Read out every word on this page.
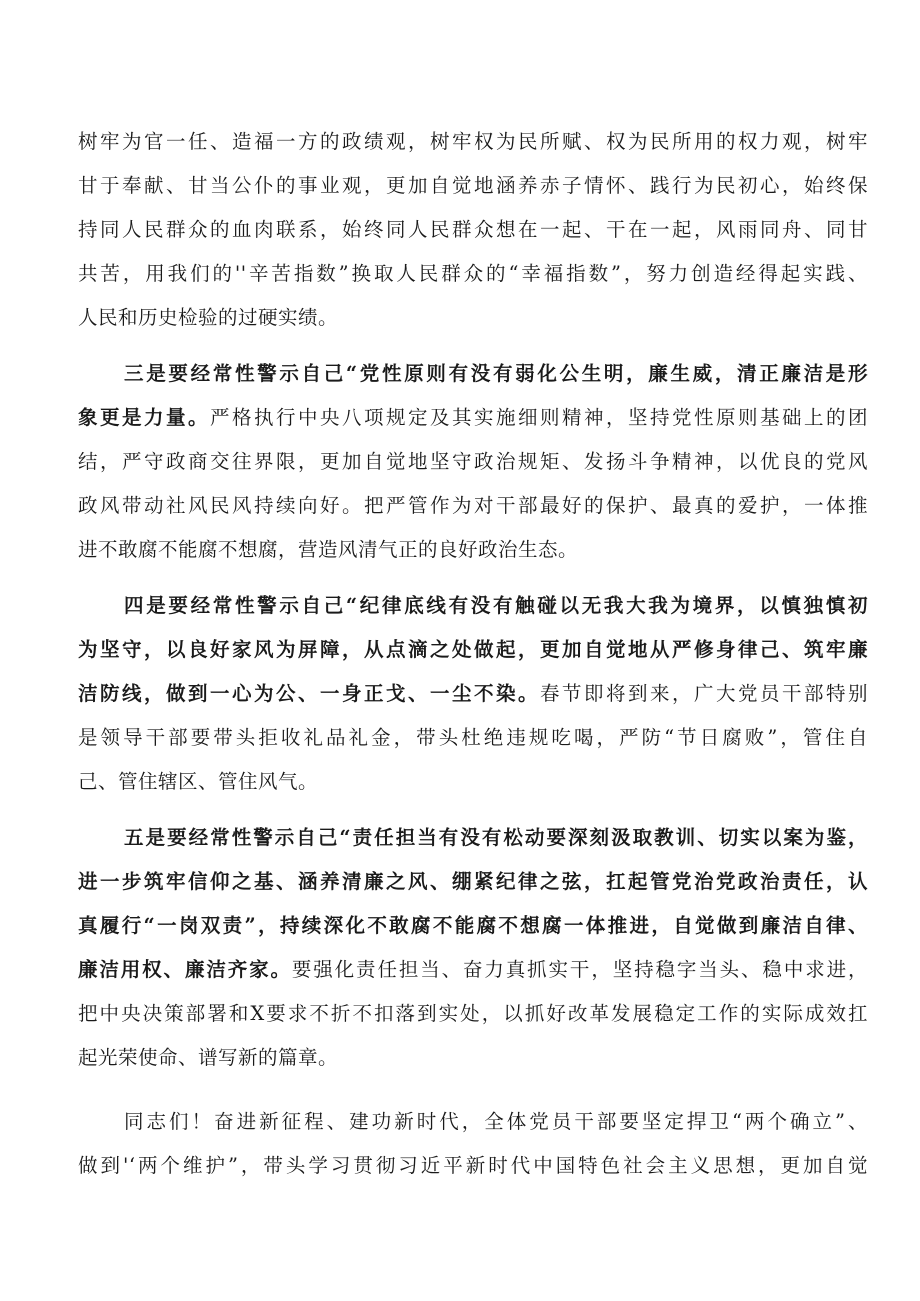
树牢为官一任、造福一方的政绩观，树牢权为民所赋、权为民所用的权力观，树牢
甘于奉献、甘当公仆的事业观，更加自觉地涵养赤子情怀、践行为民初心，始终保
持同人民群众的血肉联系，始终同人民群众想在一起、干在一起，风雨同舟、同甘
共苦，用我们的''辛苦指数”换取人民群众的“幸福指数”，努力创造经得起实践、
人民和历史检验的过硬实绩。
三是要经常性警示自己“党性原则有没有弱化公生明，廉生威，清正廉洁是形
象更是力量。严格执行中央八项规定及其实施细则精神，坚持党性原则基础上的团
结，严守政商交往界限，更加自觉地坚守政治规矩、发扬斗争精神，以优良的党风
政风带动社风民风持续向好。把严管作为对干部最好的保护、最真的爱护，一体推
进不敢腐不能腐不想腐，营造风清气正的良好政治生态。
四是要经常性警示自己“纪律底线有没有触碰以无我大我为境界，以慎独慎初
为坚守，以良好家风为屏障，从点滴之处做起，更加自觉地从严修身律己、筑牢廉
洁防线，做到一心为公、一身正戈、一尘不染。春节即将到来，广大党员干部特别
是领导干部要带头拒收礼品礼金，带头杜绝违规吃喝，严防“节日腐败”，管住自
己、管住辖区、管住风气。
五是要经常性警示自己“责任担当有没有松动要深刻汲取教训、切实以案为鉴，
进一步筑牢信仰之基、涵养清廉之风、绷紧纪律之弦，扛起管党治党政治责任，认
真履行“一岗双责”，持续深化不敢腐不能腐不想腐一体推进，自觉做到廉洁自律、
廉洁用权、廉洁齐家。要强化责任担当、奋力真抓实干，坚持稳字当头、稳中求进，
把中央决策部署和X要求不折不扣落到实处，以抓好改革发展稳定工作的实际成效扛
起光荣使命、谱写新的篇章。
同志们！奋进新征程、建功新时代，全体党员干部要坚定捍卫“两个确立”、
做到'‘两个维护”，带头学习贯彻习近平新时代中国特色社会主义思想，更加自觉
